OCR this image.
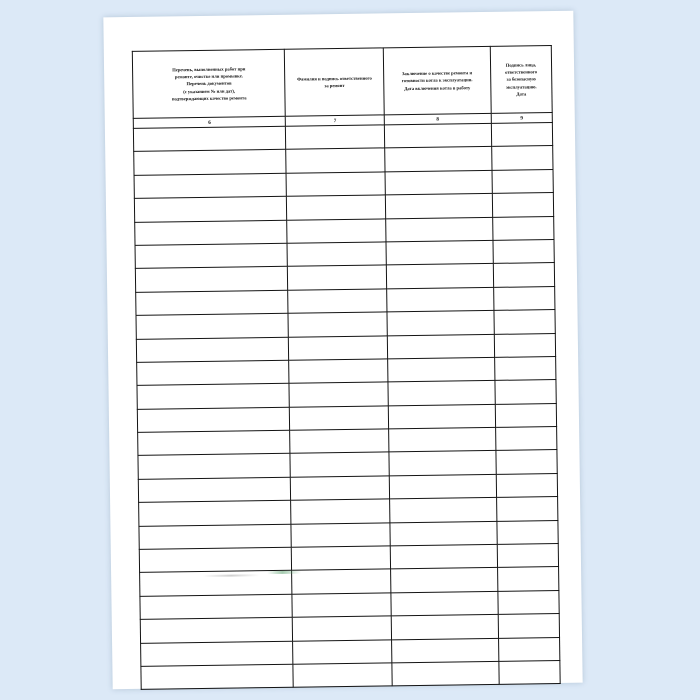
Перечень, выполненных работ при
ремонте, очистке или промывке.
Перечень документов
(с указанием № или дат),
подтверждающих качество ремонта	Фамилия и подпись ответственного
за ремонт	Заключение о качестве ремонта и
готовности котла к эксплуатации.
Дата включения котла в работу	Подпись лица,
ответственного
за безопасную
эксплуатацию.
Дата
6	7	8	9
